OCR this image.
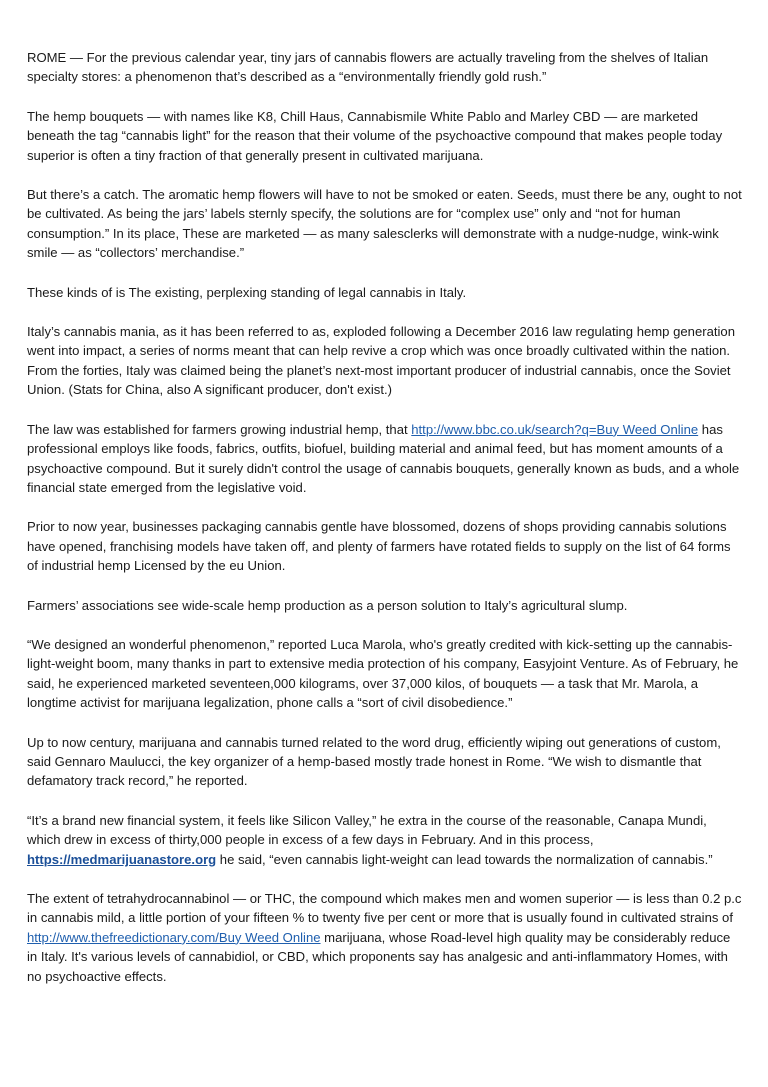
ROME — For the previous calendar year, tiny jars of cannabis flowers are actually traveling from the shelves of Italian specialty stores: a phenomenon that’s described as a “environmentally friendly gold rush.”

The hemp bouquets — with names like K8, Chill Haus, Cannabismile White Pablo and Marley CBD — are marketed beneath the tag “cannabis light” for the reason that their volume of the psychoactive compound that makes people today superior is often a tiny fraction of that generally present in cultivated marijuana.

But there’s a catch. The aromatic hemp flowers will have to not be smoked or eaten. Seeds, must there be any, ought to not be cultivated. As being the jars’ labels sternly specify, the solutions are for “complex use” only and “not for human consumption.” In its place, These are marketed — as many salesclerks will demonstrate with a nudge-nudge, wink-wink smile — as “collectors’ merchandise.”

These kinds of is The existing, perplexing standing of legal cannabis in Italy.

Italy’s cannabis mania, as it has been referred to as, exploded following a December 2016 law regulating hemp generation went into impact, a series of norms meant that can help revive a crop which was once broadly cultivated within the nation. From the forties, Italy was claimed being the planet’s next-most important producer of industrial cannabis, once the Soviet Union. (Stats for China, also A significant producer, don't exist.)

The law was established for farmers growing industrial hemp, that http://www.bbc.co.uk/search?q=Buy Weed Online has professional employs like foods, fabrics, outfits, biofuel, building material and animal feed, but has moment amounts of a psychoactive compound. But it surely didn't control the usage of cannabis bouquets, generally known as buds, and a whole financial state emerged from the legislative void.

Prior to now year, businesses packaging cannabis gentle have blossomed, dozens of shops providing cannabis solutions have opened, franchising models have taken off, and plenty of farmers have rotated fields to supply on the list of 64 forms of industrial hemp Licensed by the eu Union.

Farmers’ associations see wide-scale hemp production as a person solution to Italy’s agricultural slump.

“We designed an wonderful phenomenon,” reported Luca Marola, who's greatly credited with kick-setting up the cannabis-light-weight boom, many thanks in part to extensive media protection of his company, Easyjoint Venture. As of February, he said, he experienced marketed seventeen,000 kilograms, over 37,000 kilos, of bouquets — a task that Mr. Marola, a longtime activist for marijuana legalization, phone calls a “sort of civil disobedience.”

Up to now century, marijuana and cannabis turned related to the word drug, efficiently wiping out generations of custom, said Gennaro Maulucci, the key organizer of a hemp-based mostly trade honest in Rome. “We wish to dismantle that defamatory track record,” he reported.

“It’s a brand new financial system, it feels like Silicon Valley,” he extra in the course of the reasonable, Canapa Mundi, which drew in excess of thirty,000 people in excess of a few days in February. And in this process, https://medmarijuanastore.org he said, “even cannabis light-weight can lead towards the normalization of cannabis.”

The extent of tetrahydrocannabinol — or THC, the compound which makes men and women superior — is less than 0.2 p.c in cannabis mild, a little portion of your fifteen % to twenty five per cent or more that is usually found in cultivated strains of http://www.thefreedictionary.com/Buy Weed Online marijuana, whose Road-level high quality may be considerably reduce in Italy. It's various levels of cannabidiol, or CBD, which proponents say has analgesic and anti-inflammatory Homes, with no psychoactive effects.
